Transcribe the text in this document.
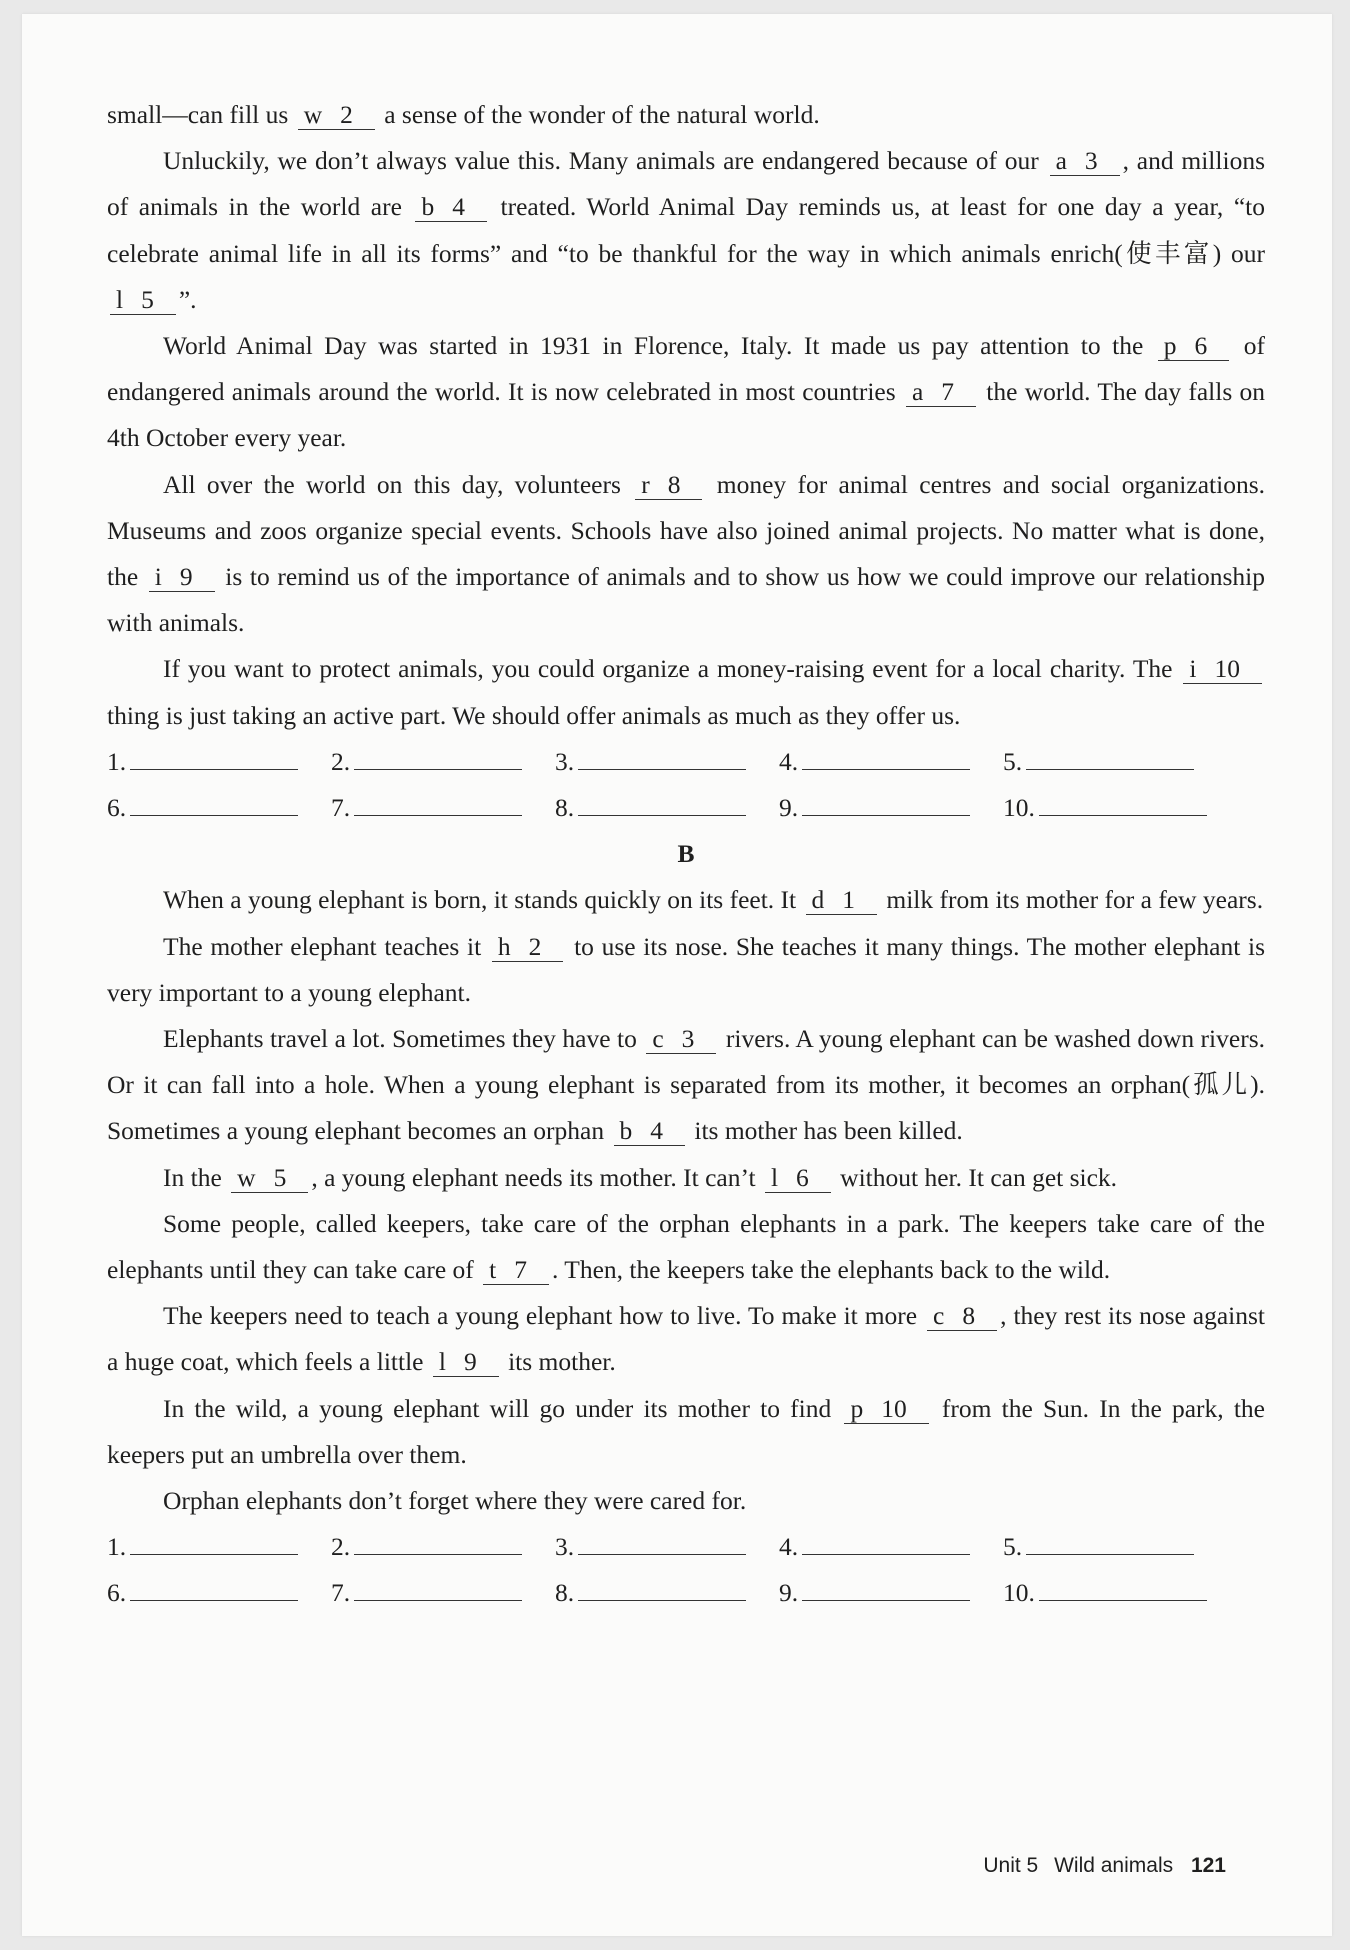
small—can fill us w 2 a sense of the wonder of the natural world.

Unluckily, we don’t always value this. Many animals are endangered because of our a 3 , and millions of animals in the world are b 4 treated. World Animal Day reminds us, at least for one day a year, “to celebrate animal life in all its forms” and “to be thankful for the way in which animals enrich(使丰富) our l 5 ”.

World Animal Day was started in 1931 in Florence, Italy. It made us pay attention to the p 6 of endangered animals around the world. It is now celebrated in most countries a 7 the world. The day falls on 4th October every year.

All over the world on this day, volunteers r 8 money for animal centres and social organizations. Museums and zoos organize special events. Schools have also joined animal projects. No matter what is done, the i 9 is to remind us of the importance of animals and to show us how we could improve our relationship with animals.

If you want to protect animals, you could organize a money-raising event for a local charity. The i 10 thing is just taking an active part. We should offer animals as much as they offer us.

1.	2.	3.	4.	5.
6.	7.	8.	9.	10.
B

When a young elephant is born, it stands quickly on its feet. It d 1 milk from its mother for a few years.

The mother elephant teaches it h 2 to use its nose. She teaches it many things. The mother elephant is very important to a young elephant.

Elephants travel a lot. Sometimes they have to c 3 rivers. A young elephant can be washed down rivers. Or it can fall into a hole. When a young elephant is separated from its mother, it becomes an orphan(孤儿). Sometimes a young elephant becomes an orphan b 4 its mother has been killed.

In the w 5 , a young elephant needs its mother. It can’t l 6 without her. It can get sick.

Some people, called keepers, take care of the orphan elephants in a park. The keepers take care of the elephants until they can take care of t 7 . Then, the keepers take the elephants back to the wild.

The keepers need to teach a young elephant how to live. To make it more c 8 , they rest its nose against a huge coat, which feels a little l 9 its mother.

In the wild, a young elephant will go under its mother to find p 10 from the Sun. In the park, the keepers put an umbrella over them.

Orphan elephants don’t forget where they were cared for.

1.	2.	3.	4.	5.
6.	7.	8.	9.	10.
Unit 5 Wild animals 121
